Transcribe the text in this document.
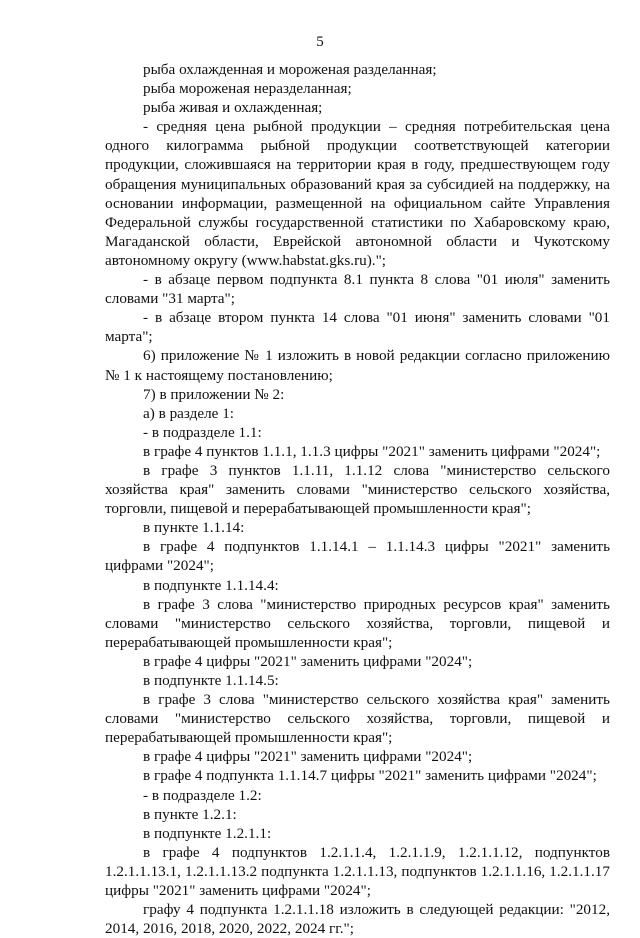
5

рыба охлажденная и мороженая разделанная;

рыба мороженая неразделанная;

рыба живая и охлажденная;

- средняя цена рыбной продукции – средняя потребительская цена одного килограмма рыбной продукции соответствующей категории продукции, сложившаяся на территории края в году, предшествующем году обращения муниципальных образований края за субсидией на поддержку, на основании информации, размещенной на официальном сайте Управления Федеральной службы государственной статистики по Хабаровскому краю, Магаданской области, Еврейской автономной области и Чукотскому автономному округу (www.habstat.gks.ru).";

- в абзаце первом подпункта 8.1 пункта 8 слова "01 июля" заменить словами "31 марта";

- в абзаце втором пункта 14 слова "01 июня" заменить словами "01 марта";

6) приложение № 1 изложить в новой редакции согласно приложению № 1 к настоящему постановлению;

7) в приложении № 2:

а) в разделе 1:

- в подразделе 1.1:

в графе 4 пунктов 1.1.1, 1.1.3 цифры "2021" заменить цифрами "2024";

в графе 3 пунктов 1.1.11, 1.1.12 слова "министерство сельского хозяйства края" заменить словами "министерство сельского хозяйства, торговли, пищевой и перерабатывающей промышленности края";

в пункте 1.1.14:

в графе 4 подпунктов 1.1.14.1 – 1.1.14.3 цифры "2021" заменить цифрами "2024";

в подпункте 1.1.14.4:

в графе 3 слова "министерство природных ресурсов края" заменить словами "министерство сельского хозяйства, торговли, пищевой и перерабатывающей промышленности края";

в графе 4 цифры "2021" заменить цифрами "2024";

в подпункте 1.1.14.5:

в графе 3 слова "министерство сельского хозяйства края" заменить словами "министерство сельского хозяйства, торговли, пищевой и перерабатывающей промышленности края";

в графе 4 цифры "2021" заменить цифрами "2024";

в графе 4 подпункта 1.1.14.7 цифры "2021" заменить цифрами "2024";

- в подразделе 1.2:

в пункте 1.2.1:

в подпункте 1.2.1.1:

в графе 4 подпунктов 1.2.1.1.4, 1.2.1.1.9, 1.2.1.1.12, подпунктов 1.2.1.1.13.1, 1.2.1.1.13.2 подпункта 1.2.1.1.13, подпунктов 1.2.1.1.16, 1.2.1.1.17 цифры "2021" заменить цифрами "2024";

графу 4 подпункта 1.2.1.1.18 изложить в следующей редакции: "2012, 2014, 2016, 2018, 2020, 2022, 2024 гг.";
